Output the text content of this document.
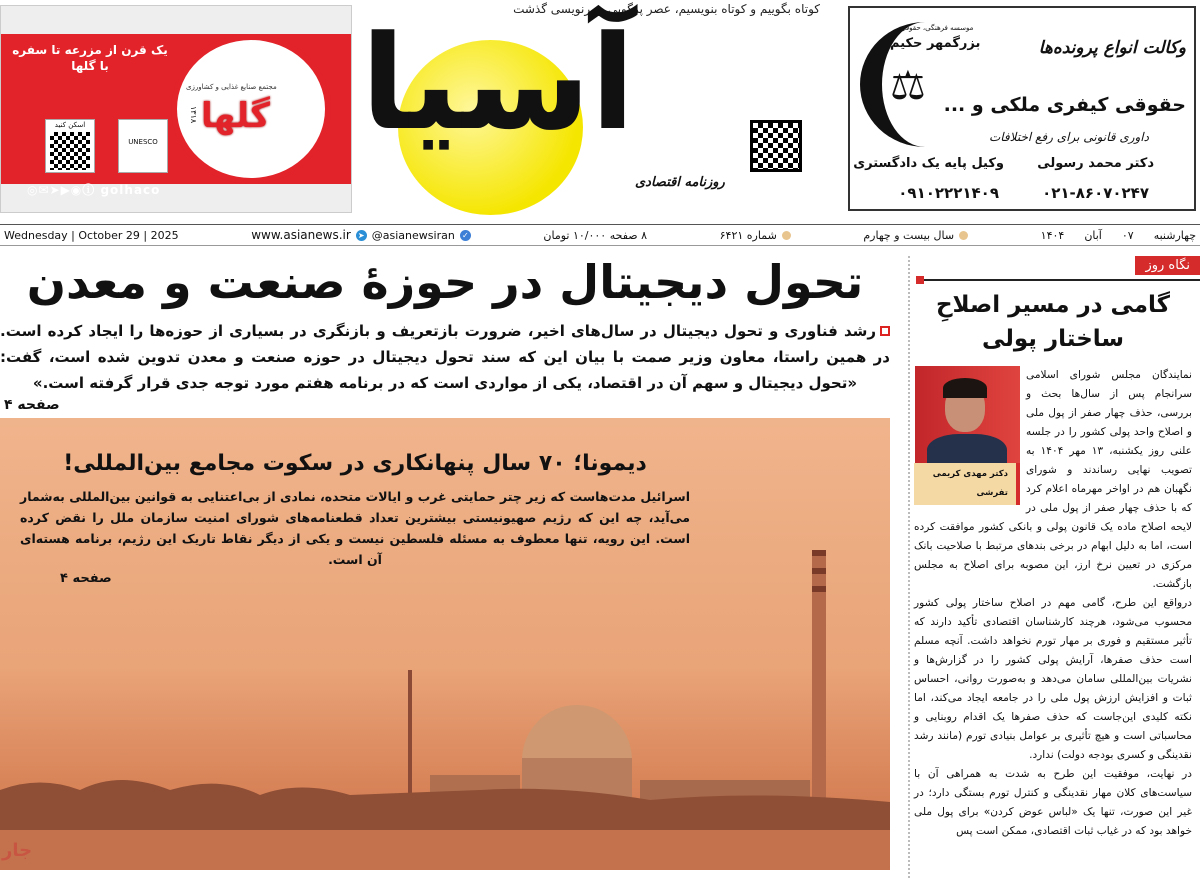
یک قرن از مزرعه تا سفره با گلها
مجتمع صنایع غذایی و کشاورزی
گلها
۱۳۱۸
اسکن کنید
UNESCO
◎✉➤▶◉ⓘ golhaco
کوتاه بگوییم و کوتاه بنویسیم، عصر پرگویی و پرنویسی گذشت
آسیا
روزنامه اقتصادی
موسسه فرهنگی، حقوقی
بزرگمهر حکیم
⚖
وکالت انواع پرونده‌ها
حقوقی کیفری ملکی و ...
داوری قانونی برای رفع اختلافات
دکتر محمد رسولی
وکیل پایه یک دادگستری
۰۲۱-۸۶۰۷۰۲۴۷
۰۹۱۰۲۲۲۱۴۰۹
Wednesday | October 29 | 2025	www.asianews.ir ➤ @asianewsiran ✓	۸ صفحه ۱۰/۰۰۰ تومان	شماره ۶۴۲۱	سال بیست و چهارم	۱۴۰۴ آبان ۰۷ چهارشنبه
تحول دیجیتال در حوزهٔ صنعت و معدن
رشد فناوری و تحول دیجیتال در سال‌های اخیر، ضرورت بازتعریف و بازنگری در بسیاری از حوزه‌ها را ایجاد کرده است. در همین راستا، معاون وزیر صمت با بیان این که سند تحول دیجیتال در حوزه صنعت و معدن تدوین شده است، گفت: «تحول دیجیتال و سهم آن در اقتصاد، یکی از مواردی است که در برنامه هفتم مورد توجه جدی قرار گرفته است.»
صفحه ۴
دیمونا؛ ۷۰ سال پنهانکاری در سکوت مجامع بین‌المللی!
اسرائیل مدت‌هاست که زیر چتر حمایتی غرب و ایالات متحده، نمادی از بی‌اعتنایی به قوانین بین‌المللی به‌شمار می‌آید، چه این که رژیم صهیونیستی بیشترین تعداد قطعنامه‌های شورای امنیت سازمان ملل را نقض کرده است. این رویه، تنها معطوف به مسئله فلسطین نیست و یکی از دیگر نقاط تاریک این رژیم، برنامه هسته‌ای آن است.
صفحه ۴
نگاه روز
گامی در مسیر اصلاحِ ساختار پولی
دکتر مهدی کریمی تفرشی

نمایندگان مجلس شورای اسلامی سرانجام پس از سال‌ها بحث و بررسی، حذف چهار صفر از پول ملی و اصلاح واحد پولی کشور را در جلسه علنی روز یکشنبه، ۱۳ مهر ۱۴۰۴ به تصویب نهایی رساندند و شورای نگهبان هم در اواخر مهرماه اعلام کرد که با حذف چهار صفر از پول ملی در لایحه اصلاح ماده یک قانون پولی و بانکی کشور موافقت کرده است، اما به دلیل ابهام در برخی بندهای مرتبط با صلاحیت بانک مرکزی در تعیین نرخ ارز، این مصوبه برای اصلاح به مجلس بازگشت.

درواقع این طرح، گامی مهم در اصلاح ساختار پولی کشور محسوب می‌شود، هرچند کارشناسان اقتصادی تأکید دارند که تأثیر مستقیم و فوری بر مهار تورم نخواهد داشت. آنچه مسلم است حذف صفرها، آرایش پولی کشور را در گزارش‌ها و نشریات بین‌المللی سامان می‌دهد و به‌صورت روانی، احساس ثبات و افزایش ارزش پول ملی را در جامعه ایجاد می‌کند، اما نکته کلیدی این‌جاست که حذف صفرها یک اقدام روبنایی و محاسباتی است و هیچ تأثیری بر عوامل بنیادی تورم (مانند رشد نقدینگی و کسری بودجه دولت) ندارد.

در نهایت، موفقیت این طرح به شدت به همراهی آن با سیاست‌های کلان مهار نقدینگی و کنترل تورم بستگی دارد؛ در غیر این صورت، تنها یک «لباس عوض کردن» برای پول ملی خواهد بود که در غیاب ثبات اقتصادی، ممکن است پس

جار
